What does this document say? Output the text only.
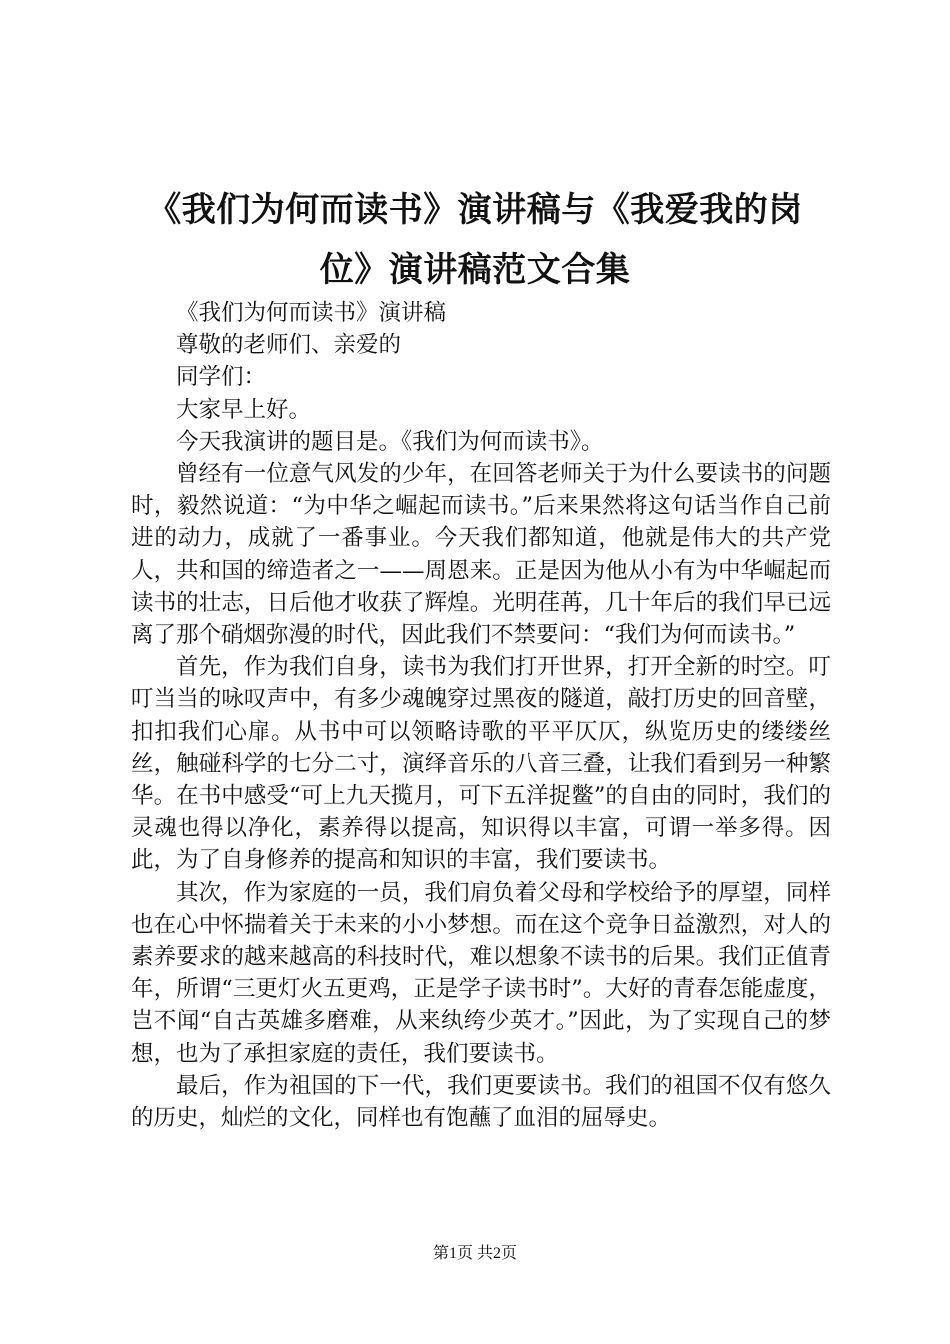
《我们为何而读书》演讲稿与《我爱我的岗
位》演讲稿范文合集

《我们为何而读书》演讲稿

尊敬的老师们、亲爱的

同学们：

大家早上好。

今天我演讲的题目是。《我们为何而读书》。

曾经有一位意气风发的少年，在回答老师关于为什么要读书的问题时，毅然说道：“为中华之崛起而读书。”后来果然将这句话当作自己前进的动力，成就了一番事业。今天我们都知道，他就是伟大的共产党人，共和国的缔造者之一——周恩来。正是因为他从小有为中华崛起而读书的壮志，日后他才收获了辉煌。光明荏苒，几十年后的我们早已远离了那个硝烟弥漫的时代，因此我们不禁要问：“我们为何而读书。”

首先，作为我们自身，读书为我们打开世界，打开全新的时空。叮叮当当的咏叹声中，有多少魂魄穿过黑夜的隧道，敲打历史的回音壁，扣扣我们心扉。从书中可以领略诗歌的平平仄仄，纵览历史的缕缕丝丝，触碰科学的七分二寸，演绎音乐的八音三叠，让我们看到另一种繁华。在书中感受“可上九天揽月，可下五洋捉鳖”的自由的同时，我们的灵魂也得以净化，素养得以提高，知识得以丰富，可谓一举多得。因此，为了自身修养的提高和知识的丰富，我们要读书。

其次，作为家庭的一员，我们肩负着父母和学校给予的厚望，同样也在心中怀揣着关于未来的小小梦想。而在这个竞争日益激烈，对人的素养要求的越来越高的科技时代，难以想象不读书的后果。我们正值青年，所谓“三更灯火五更鸡，正是学子读书时”。大好的青春怎能虚度，岂不闻“自古英雄多磨难，从来纨绔少英才。”因此，为了实现自己的梦想，也为了承担家庭的责任，我们要读书。

最后，作为祖国的下一代，我们更要读书。我们的祖国不仅有悠久的历史，灿烂的文化，同样也有饱蘸了血泪的屈辱史。

第1页 共2页
